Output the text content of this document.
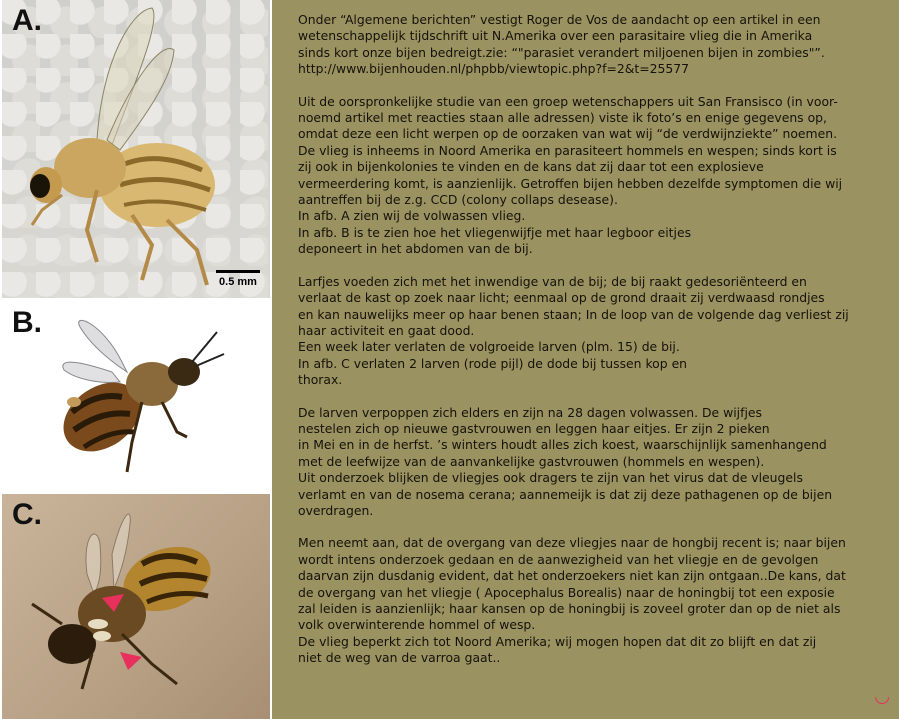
A.
0.5 mm
B.
C.
Onder “Algemene berichten” vestigt Roger de Vos de aandacht op een artikel in een
wetenschappelijk tijdschrift uit N.Amerika over een parasitaire vlieg die in Amerika
sinds kort onze bijen bedreigt.zie: “"parasiet verandert miljoenen bijen in zombies"”.
http://www.bijenhouden.nl/phpbb/viewtopic.php?f=2&t=25577
Uit de oorspronkelijke studie van een groep wetenschappers uit San Fransisco (in voor-
noemd artikel met reacties staan alle adressen) viste ik foto’s en enige gegevens op,
omdat deze een licht werpen op de oorzaken van wat wij “de verdwijnziekte” noemen.
De vlieg is inheems in Noord Amerika en parasiteert hommels en wespen; sinds kort is
zij ook in bijenkolonies te vinden en de kans dat zij daar tot een explosieve
vermeerdering komt, is aanzienlijk. Getroffen bijen hebben dezelfde symptomen die wij
aantreffen bij de z.g. CCD (colony collaps desease).
In afb. A zien wij de volwassen vlieg.
In afb. B is te zien hoe het vliegenwijfje met haar legboor eitjes
deponeert in het abdomen van de bij.
Larfjes voeden zich met het inwendige van de bij; de bij raakt gedesoriënteerd en
verlaat de kast op zoek naar licht; eenmaal op de grond draait zij verdwaasd rondjes
en kan nauwelijks meer op haar benen staan; In de loop van de volgende dag verliest zij
haar activiteit en gaat dood.
Een week later verlaten de volgroeide larven (plm. 15) de bij.
In afb. C verlaten 2 larven (rode pijl) de dode bij tussen kop en
thorax.
De larven verpoppen zich elders en zijn na 28 dagen volwassen. De wijfjes
nestelen zich op nieuwe gastvrouwen en leggen haar eitjes. Er zijn 2 pieken
in Mei en in de herfst. ’s winters houdt alles zich koest, waarschijnlijk samenhangend
met de leefwijze van de aanvankelijke gastvrouwen (hommels en wespen).
Uit onderzoek blijken de vliegjes ook dragers te zijn van het virus dat de vleugels
verlamt en van de nosema cerana; aannemeijk is dat zij deze pathagenen op de bijen
overdragen.
Men neemt aan, dat de overgang van deze vliegjes naar de hongbij recent is; naar bijen
wordt intens onderzoek gedaan en de aanwezigheid van het vliegje en de gevolgen
daarvan zijn dusdanig evident, dat het onderzoekers niet kan zijn ontgaan..De kans, dat
de overgang van het vliegje ( Apocephalus Borealis) naar de honingbij tot een exposie
zal leiden is aanzienlijk; haar kansen op de honingbij is zoveel groter dan op de niet als
volk overwinterende hommel of wesp.
De vlieg beperkt zich tot Noord Amerika; wij mogen hopen dat dit zo blijft en dat zij
niet de weg van de varroa gaat..
◡
